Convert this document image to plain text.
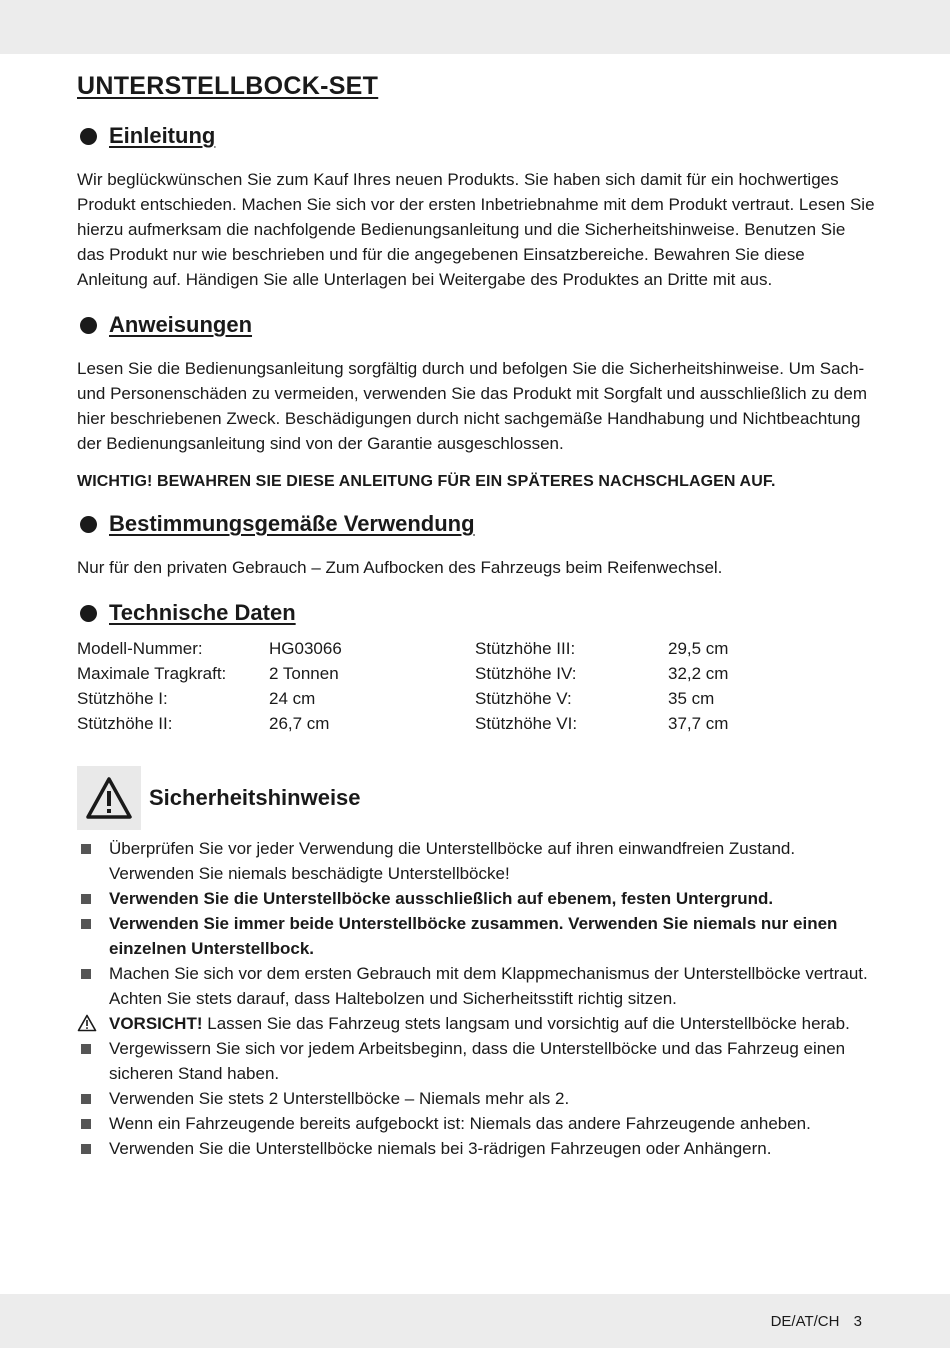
UNTERSTELLBOCK-SET
Einleitung

Wir beglückwünschen Sie zum Kauf Ihres neuen Produkts. Sie haben sich damit für ein hochwertiges Produkt entschieden. Machen Sie sich vor der ersten Inbetriebnahme mit dem Produkt vertraut. Lesen Sie hierzu aufmerksam die nachfolgende Bedienungsanleitung und die Sicherheitshinweise. Benutzen Sie das Produkt nur wie beschrieben und für die angegebenen Einsatzbereiche. Bewahren Sie diese Anleitung auf. Händigen Sie alle Unterlagen bei Weitergabe des Produktes an Dritte mit aus.

Anweisungen

Lesen Sie die Bedienungsanleitung sorgfältig durch und befolgen Sie die Sicherheitshinweise. Um Sach- und Personenschäden zu vermeiden, verwenden Sie das Produkt mit Sorgfalt und ausschließlich zu dem hier beschriebenen Zweck. Beschädigungen durch nicht sachgemäße Handhabung und Nichtbeachtung der Bedienungsanleitung sind von der Garantie ausgeschlossen.

WICHTIG! BEWAHREN SIE DIESE ANLEITUNG FÜR EIN SPÄTERES NACHSCHLAGEN AUF.

Bestimmungsgemäße Verwendung

Nur für den privaten Gebrauch – Zum Aufbocken des Fahrzeugs beim Reifenwechsel.

Technische Daten
Modell-Nummer:	HG03066	Stützhöhe III:	29,5 cm
Maximale Tragkraft:	2 Tonnen	Stützhöhe IV:	32,2 cm
Stützhöhe I:	24 cm	Stützhöhe V:	35 cm
Stützhöhe II:	26,7 cm	Stützhöhe VI:	37,7 cm
Sicherheitshinweise
Überprüfen Sie vor jeder Verwendung die Unterstellböcke auf ihren einwandfreien Zustand. Verwenden Sie niemals beschädigte Unterstellböcke!
Verwenden Sie die Unterstellböcke ausschließlich auf ebenem, festen Untergrund.
Verwenden Sie immer beide Unterstellböcke zusammen. Verwenden Sie niemals nur einen einzelnen Unterstellbock.
Machen Sie sich vor dem ersten Gebrauch mit dem Klappmechanismus der Unterstellböcke vertraut. Achten Sie stets darauf, dass Haltebolzen und Sicherheitsstift richtig sitzen.
VORSICHT! Lassen Sie das Fahrzeug stets langsam und vorsichtig auf die Unterstellböcke herab.
Vergewissern Sie sich vor jedem Arbeitsbeginn, dass die Unterstellböcke und das Fahrzeug einen sicheren Stand haben.
Verwenden Sie stets 2 Unterstellböcke – Niemals mehr als 2.
Wenn ein Fahrzeugende bereits aufgebockt ist: Niemals das andere Fahrzeugende anheben.
Verwenden Sie die Unterstellböcke niemals bei 3-rädrigen Fahrzeugen oder Anhängern.
DE/AT/CH 3
